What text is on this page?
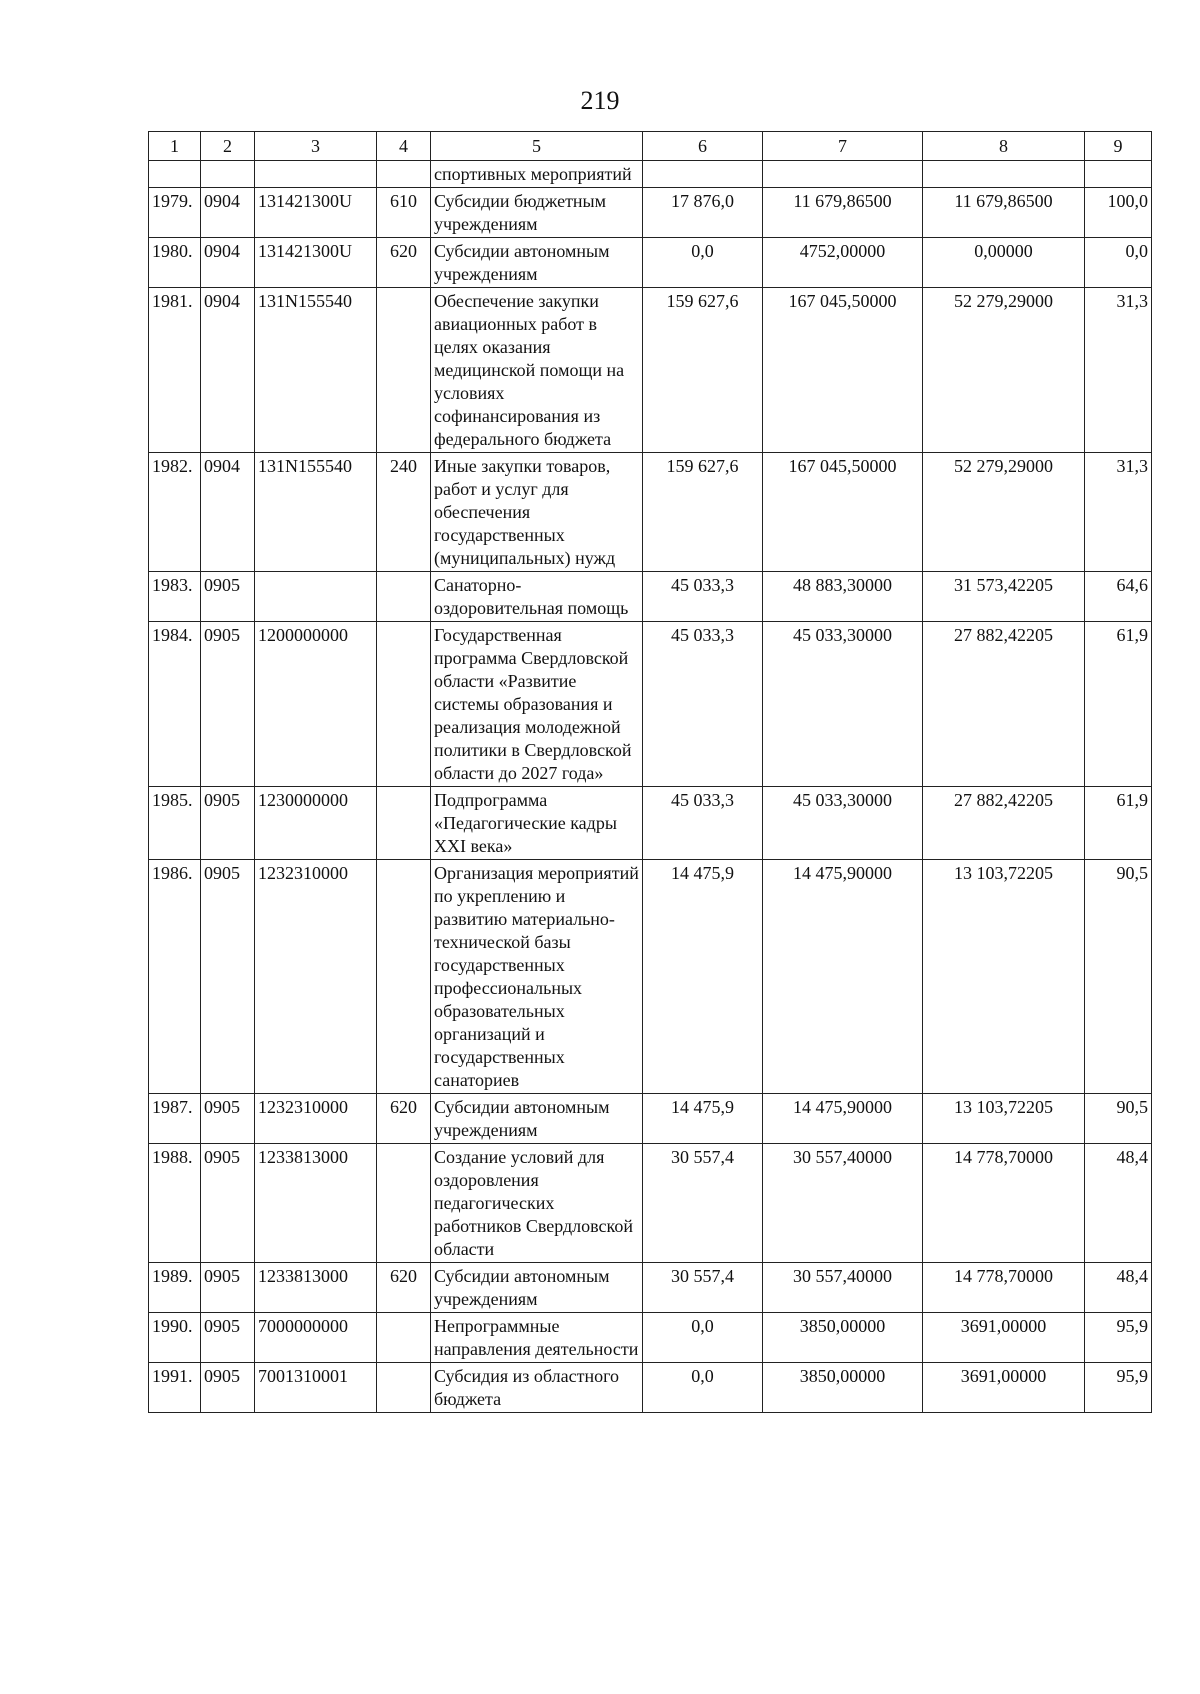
219
1	2	3	4	5	6	7	8	9
				спортивных мероприятий				
1979.	0904	131421300U	610	Субсидии бюджетным учреждениям	17 876,0	11 679,86500	11 679,86500	100,0
1980.	0904	131421300U	620	Субсидии автономным учреждениям	0,0	4752,00000	0,00000	0,0
1981.	0904	131N155540		Обеспечение закупки авиационных работ в целях оказания медицинской помощи на условиях софинансирования из федерального бюджета	159 627,6	167 045,50000	52 279,29000	31,3
1982.	0904	131N155540	240	Иные закупки товаров, работ и услуг для обеспечения государственных (муниципальных) нужд	159 627,6	167 045,50000	52 279,29000	31,3
1983.	0905			Санаторно-оздоровительная помощь	45 033,3	48 883,30000	31 573,42205	64,6
1984.	0905	1200000000		Государственная программа Свердловской области «Развитие системы образования и реализация молодежной политики в Свердловской области до 2027 года»	45 033,3	45 033,30000	27 882,42205	61,9
1985.	0905	1230000000		Подпрограмма «Педагогические кадры XXI века»	45 033,3	45 033,30000	27 882,42205	61,9
1986.	0905	1232310000		Организация мероприятий по укреплению и развитию материально-технической базы государственных профессиональных образовательных организаций и государственных санаториев	14 475,9	14 475,90000	13 103,72205	90,5
1987.	0905	1232310000	620	Субсидии автономным учреждениям	14 475,9	14 475,90000	13 103,72205	90,5
1988.	0905	1233813000		Создание условий для оздоровления педагогических работников Свердловской области	30 557,4	30 557,40000	14 778,70000	48,4
1989.	0905	1233813000	620	Субсидии автономным учреждениям	30 557,4	30 557,40000	14 778,70000	48,4
1990.	0905	7000000000		Непрограммные направления деятельности	0,0	3850,00000	3691,00000	95,9
1991.	0905	7001310001		Субсидия из областного бюджета	0,0	3850,00000	3691,00000	95,9
